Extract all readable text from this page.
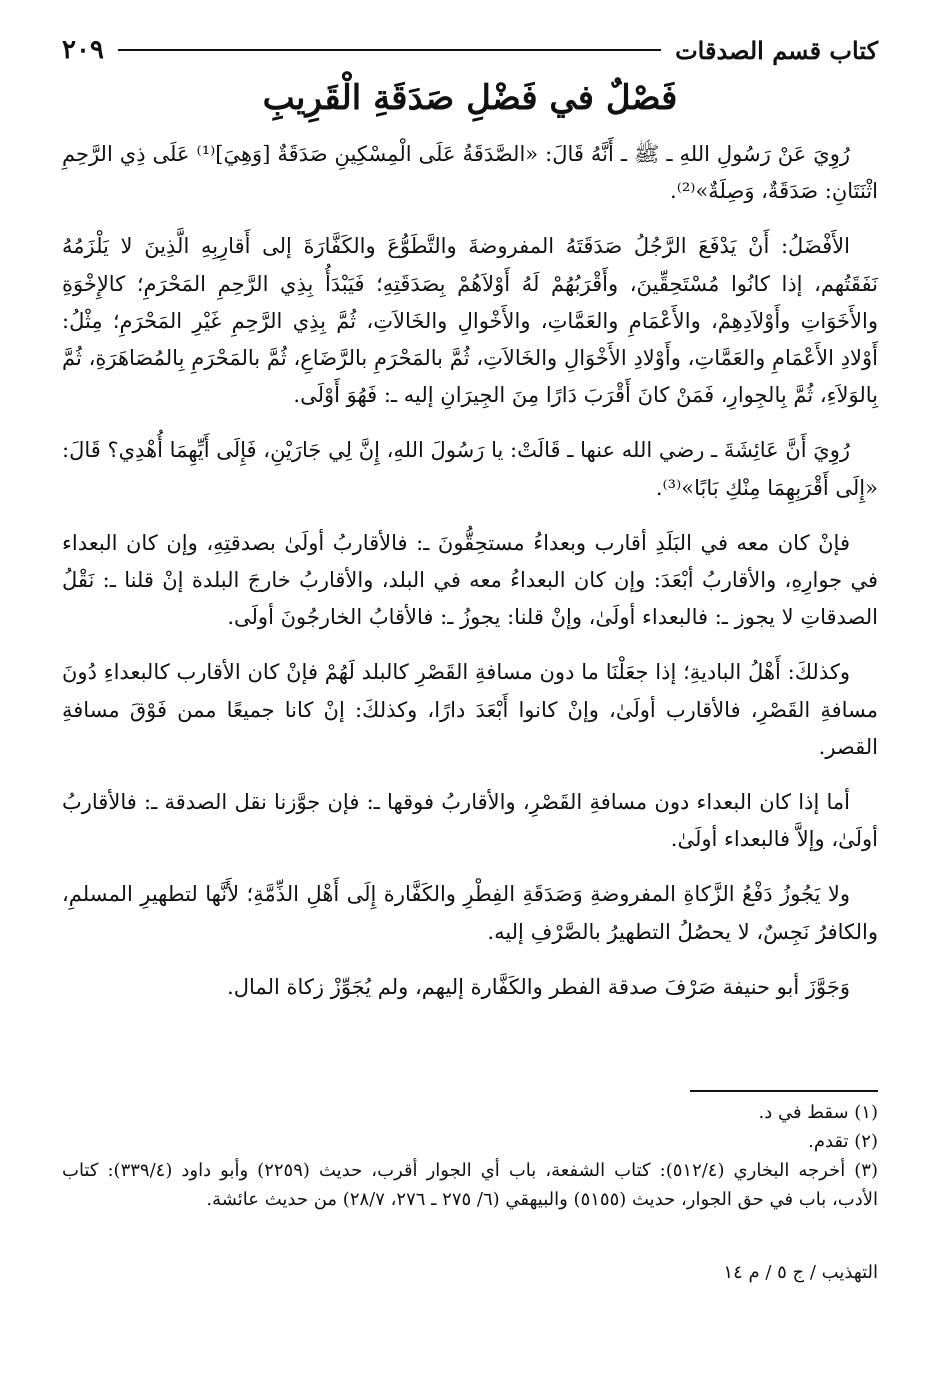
كتاب قسم الصدقات
٢٠٩
فَصْلٌ في فَضْلِ صَدَقَةِ الْقَرِيبِ

رُوِيَ عَنْ رَسُولِ اللهِ ـ ﷺ ـ أَنَّهُ قَالَ: «الصَّدَقَةُ عَلَى الْمِسْكِينِ صَدَقَةٌ [وَهِيَ]⁽¹⁾ عَلَى ذِي الرَّحِمِ اثْنَتَانِ: صَدَقَةٌ، وَصِلَةٌ»⁽²⁾.

الأَفْضَلُ: أَنْ يَدْفَعَ الرَّجُلُ صَدَقَتَهُ المفروضةَ والتَّطَوُّعَ والكَفَّارَةَ إلى أَقارِبِهِ الَّذِينَ لا يَلْزَمُهُ نَفَقَتُهم، إذا كانُوا مُسْتَحِقِّينَ، وأَقْرَبُهُمْ لَهُ أَوْلاَهُمْ بِصَدَقَتِهِ؛ فَيَبْدَأُ بِذِي الرَّحِمِ المَحْرَمِ؛ كالإِخْوَةِ والأَخَوَاتِ وأَوْلاَدِهِمْ، والأَعْمَامِ والعَمَّاتِ، والأَخْوالِ والخَالاَتِ، ثُمَّ بِذِي الرَّحِمِ غَيْرِ المَحْرَمِ؛ مِثْلُ: أَوْلادِ الأَعْمَامِ والعَمَّاتِ، وأَوْلادِ الأَخْوَالِ والخَالاَتِ، ثُمَّ بالمَحْرَمِ بالرَّضَاعِ، ثُمَّ بالمَحْرَمِ بِالمُصَاهَرَةِ، ثُمَّ بِالوَلاَءِ، ثُمَّ بِالجِوارِ، فَمَنْ كانَ أَقْرَبَ دَارًا مِنَ الجِيرَانِ إليه ـ: فَهُوَ أَوْلَى.

رُوِيَ أَنَّ عَائِشَةَ ـ رضي الله عنها ـ قَالَتْ: يا رَسُولَ اللهِ، إِنَّ لِي جَارَيْنِ، فَإِلَى أَيِّهِمَا أُهْدِي؟ قَالَ: «إِلَى أَقْرَبِهِمَا مِنْكِ بَابًا»⁽³⁾.

فإنْ كان معه في البَلَدِ أقارب وبعداءُ مستحِقُّونَ ـ: فالأقاربُ أولَىٰ بصدقتِهِ، وإن كان البعداء في جوارِهِ، والأقاربُ أبْعَدَ: وإن كان البعداءُ معه في البلد، والأقاربُ خارجَ البلدة إنْ قلنا ـ: نَقْلُ الصدقاتِ لا يجوز ـ: فالبعداء أولَىٰ، وإنْ قلنا: يجوزُ ـ: فالأقابُ الخارجُونَ أولَى.

وكذلكَ: أَهْلُ الباديةِ؛ إذا جعَلْنَا ما دون مسافةِ القَصْرِ كالبلد لَهُمْ فإنْ كان الأقارب كالبعداءِ دُونَ مسافةِ القَصْرِ، فالأقارب أولَىٰ، وإنْ كانوا أَبْعَدَ دارًا، وكذلكَ: إنْ كانا جميعًا ممن فَوْقَ مسافةِ القصر.

أما إذا كان البعداء دون مسافةِ القَصْرِ، والأقاربُ فوقها ـ: فإن جوَّزنا نقل الصدقة ـ: فالأقاربُ أولَىٰ، وإلاَّ فالبعداء أولَىٰ.

ولا يَجُوزُ دَفْعُ الزَّكاةِ المفروضةِ وَصَدَقَةِ الفِطْرِ والكَفَّارة إِلَى أَهْلِ الذِّمَّةِ؛ لأَنَّها لتطهيرِ المسلمِ، والكافرُ نَجِسٌ، لا يحصُلُ التطهيرُ بالصَّرْفِ إليه.

وَجَوَّزَ أبو حنيفة صَرْفَ صدقة الفطر والكَفَّارة إليهم، ولم يُجَوِّزْ زكاة المال.

(١) سقط في د.
(٢) تقدم.
(٣) أخرجه البخاري (٥١٢/٤): كتاب الشفعة، باب أي الجوار أقرب، حديث (٢٢٥٩) وأبو داود (٣٣٩/٤): كتاب الأدب، باب في حق الجوار، حديث (٥١٥٥) والبيهقي (٦/ ٢٧٥ ـ ٢٧٦، ٢٨/٧) من حديث عائشة.
التهذيب / ج ٥ / م ١٤
